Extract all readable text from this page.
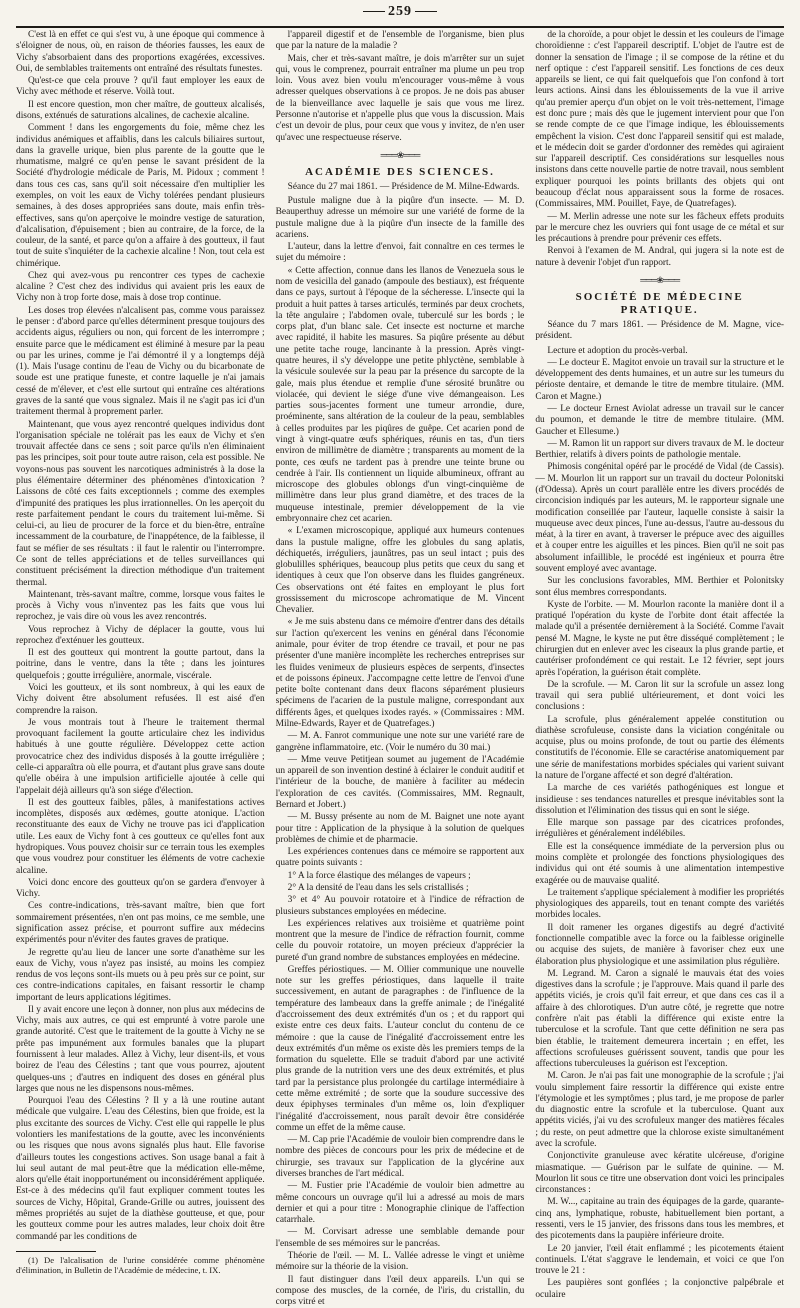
259

C'est là en effet ce qui s'est vu, à une époque qui commence à s'éloigner de nous, où, en raison de théories fausses, les eaux de Vichy s'absorbaient dans des proportions exagérées, excessives. Oui, de semblables traitements ont entraîné des résultats funestes.

Qu'est-ce que cela prouve ? qu'il faut employer les eaux de Vichy avec méthode et réserve. Voilà tout.

Il est encore question, mon cher maître, de goutteux alcalisés, disons, exténués de saturations alcalines, de cachexie alcaline.

Comment ! dans les engorgements du foie, même chez les individus anémiques et affaiblis, dans les calculs biliaires surtout, dans la gravelle urique, bien plus parente de la goutte que le rhumatisme, malgré ce qu'en pense le savant président de la Société d'hydrologie médicale de Paris, M. Pidoux ; comment ! dans tous ces cas, sans qu'il soit nécessaire d'en multiplier les exemples, on voit les eaux de Vichy tolérées pendant plusieurs semaines, à des doses appropriées sans doute, mais enfin très-effectives, sans qu'on aperçoive le moindre vestige de saturation, d'alcalisation, d'épuisement ; bien au contraire, de la force, de la couleur, de la santé, et parce qu'on a affaire à des goutteux, il faut tout de suite s'inquiéter de la cachexie alcaline ! Non, tout cela est chimérique.

Chez qui avez-vous pu rencontrer ces types de cachexie alcaline ? C'est chez des individus qui avaient pris les eaux de Vichy non à trop forte dose, mais à dose trop continue.

Les doses trop élevées n'alcalisent pas, comme vous paraissez le penser : d'abord parce qu'elles déterminent presque toujours des accidents aigus, réguliers ou non, qui forcent de les interrompre ; ensuite parce que le médicament est éliminé à mesure par la peau ou par les urines, comme je l'ai démontré il y a longtemps déjà (1). Mais l'usage continu de l'eau de Vichy ou du bicarbonate de soude est une pratique funeste, et contre laquelle je n'ai jamais cessé de m'élever, et c'est elle surtout qui entraîne ces altérations graves de la santé que vous signalez. Mais il ne s'agit pas ici d'un traitement thermal à proprement parler.

Maintenant, que vous ayez rencontré quelques individus dont l'organisation spéciale ne tolérait pas les eaux de Vichy et s'en trouvait affectée dans ce sens ; soit parce qu'ils n'en éliminaient pas les principes, soit pour toute autre raison, cela est possible. Ne voyons-nous pas souvent les narcotiques administrés à la dose la plus élémentaire déterminer des phénomènes d'intoxication ? Laissons de côté ces faits exceptionnels ; comme des exemples d'impunité des pratiques les plus irrationnelles. On les aperçoit du reste parfaitement pendant le cours du traitement lui-même. Si celui-ci, au lieu de procurer de la force et du bien-être, entraîne incessamment de la courbature, de l'inappétence, de la faiblesse, il faut se méfier de ses résultats : il faut le ralentir ou l'interrompre. Ce sont de telles appréciations et de telles surveillances qui constituent précisément la direction méthodique d'un traitement thermal.

Maintenant, très-savant maître, comme, lorsque vous faites le procès à Vichy vous n'inventez pas les faits que vous lui reprochez, je vais dire où vous les avez rencontrés.

Vous reprochez à Vichy de déplacer la goutte, vous lui reprochez d'exténuer les goutteux.

Il est des goutteux qui montrent la goutte partout, dans la poitrine, dans le ventre, dans la tête ; dans les jointures quelquefois ; goutte irrégulière, anormale, viscérale.

Voici les goutteux, et ils sont nombreux, à qui les eaux de Vichy doivent être absolument refusées. Il est aisé d'en comprendre la raison.

Je vous montrais tout à l'heure le traitement thermal provoquant facilement la goutte articulaire chez les individus habitués à une goutte régulière. Développez cette action provocatrice chez des individus disposés à la goutte irrégulière ; celle-ci apparaîtra où elle pourra, et d'autant plus grave sans doute qu'elle obéira à une impulsion artificielle ajoutée à celle qui l'appelait déjà ailleurs qu'à son siége d'élection.

Il est des goutteux faibles, pâles, à manifestations actives incomplètes, disposés aux œdèmes, goutte atonique. L'action reconstituante des eaux de Vichy ne trouve pas ici d'application utile. Les eaux de Vichy font à ces goutteux ce qu'elles font aux hydropiques. Vous pouvez choisir sur ce terrain tous les exemples que vous voudrez pour constituer les éléments de votre cachexie alcaline.

Voici donc encore des goutteux qu'on se gardera d'envoyer à Vichy.

Ces contre-indications, très-savant maître, bien que fort sommairement présentées, n'en ont pas moins, ce me semble, une signification assez précise, et pourront suffire aux médecins expérimentés pour n'éviter des fautes graves de pratique.

Je regrette qu'au lieu de lancer une sorte d'anathème sur les eaux de Vichy, vous n'ayez pas insisté, au moins les compiez rendus de vos leçons sont-ils muets ou à peu près sur ce point, sur ces contre-indications capitales, en faisant ressortir le champ important de leurs applications légitimes.

Il y avait encore une leçon à donner, non plus aux médecins de Vichy, mais aux autres, ce qui est emprunté à votre parole une grande autorité. C'est que le traitement de la goutte à Vichy ne se prête pas impunément aux formules banales que la plupart fournissent à leur malades. Allez à Vichy, leur disent-ils, et vous boirez de l'eau des Célestins ; tant que vous pourrez, ajoutent quelques-uns ; d'autres en indiquent des doses en général plus larges que nous ne les dispensons nous-mêmes.

Pourquoi l'eau des Célestins ? Il y a là une routine autant médicale que vulgaire. L'eau des Célestins, bien que froide, est la plus excitante des sources de Vichy. C'est elle qui rappelle le plus volontiers les manifestations de la goutte, avec les inconvénients ou les risques que nous avons signalés plus haut. Elle favorise d'ailleurs toutes les congestions actives. Son usage banal a fait à lui seul autant de mal peut-être que la médication elle-même, alors qu'elle était inopportunément ou inconsidérément appliquée. Est-ce à des médecins qu'il faut expliquer comment toutes les sources de Vichy, Hôpital, Grande-Grille ou autres, jouissent des mêmes propriétés au sujet de la diathèse goutteuse, et que, pour les goutteux comme pour les autres malades, leur choix doit être commandé par les conditions de

(1) De l'alcalisation de l'urine considérée comme phénomène d'élimination, in Bulletin de l'Académie de médecine, t. IX.

l'appareil digestif et de l'ensemble de l'organisme, bien plus que par la nature de la maladie ?

Mais, cher et très-savant maître, je dois m'arrêter sur un sujet qui, vous le comprenez, pourrait entraîner ma plume un peu trop loin. Vous avez bien voulu m'encourager vous-même à vous adresser quelques observations à ce propos. Je ne dois pas abuser de la bienveillance avec laquelle je sais que vous me lirez. Personne n'autorise et n'appelle plus que vous la discussion. Mais c'est un devoir de plus, pour ceux que vous y invitez, de n'en user qu'avec une respectueuse réserve.

═══❀═══
ACADÉMIE DES SCIENCES.

Séance du 27 mai 1861. — Présidence de M. Milne-Edwards.

Pustule maligne due à la piqûre d'un insecte. — M. D. Beauperthuy adresse un mémoire sur une variété de forme de la pustule maligne due à la piqûre d'un insecte de la famille des acariens.

L'auteur, dans la lettre d'envoi, fait connaître en ces termes le sujet du mémoire :

« Cette affection, connue dans les llanos de Venezuela sous le nom de vesicilla del ganado (ampoule des bestiaux), est fréquente dans ce pays, surtout à l'époque de la sécheresse. L'insecte qui la produit a huit pattes à tarses articulés, terminés par deux crochets, la tête angulaire ; l'abdomen ovale, tuberculé sur les bords ; le corps plat, d'un blanc sale. Cet insecte est nocturne et marche avec rapidité, il habite les masures. Sa piqûre présente au début une petite tache rouge, lancinante à la pression. Après vingt-quatre heures, il s'y développe une petite phlyctène, semblable à la vésicule soulevée sur la peau par la présence du sarcopte de la gale, mais plus étendue et remplie d'une sérosité brunâtre ou violacée, qui devient le siége d'une vive démangeaison. Les parties sous-jacentes forment une tumeur arrondie, dure, proéminente, sans altération de la couleur de la peau, semblables à celles produites par les piqûres de guêpe. Cet acarien pond de vingt à vingt-quatre œufs sphériques, réunis en tas, d'un tiers environ de millimètre de diamètre ; transparents au moment de la ponte, ces œufs ne tardent pas à prendre une teinte brune ou cendrée à l'air. Ils contiennent un liquide albumineux, offrant au microscope des globules oblongs d'un vingt-cinquième de millimètre dans leur plus grand diamètre, et des traces de la muqueuse intestinale, premier développement de la vie embryonnaire chez cet acarien.

« L'examen microscopique, appliqué aux humeurs contenues dans la pustule maligne, offre les globules du sang aplatis, déchiquetés, irréguliers, jaunâtres, pas un seul intact ; puis des globulilles sphériques, beaucoup plus petits que ceux du sang et identiques à ceux que l'on observe dans les fluides gangréneux. Ces observations ont été faites en employant le plus fort grossissement du microscope achromatique de M. Vincent Chevalier.

« Je me suis abstenu dans ce mémoire d'entrer dans des détails sur l'action qu'exercent les venins en général dans l'économie animale, pour éviter de trop étendre ce travail, et pour ne pas présenter d'une manière incomplète les recherches entreprises sur les fluides venimeux de plusieurs espèces de serpents, d'insectes et de poissons épineux. J'accompagne cette lettre de l'envoi d'une petite boîte contenant dans deux flacons séparément plusieurs spécimens de l'acarien de la pustule maligne, correspondant aux différents âges, et quelques ixodes rayés. » (Commissaires : MM. Milne-Edwards, Rayer et de Quatrefages.)

— M. A. Fanrot communique une note sur une variété rare de gangrène inflammatoire, etc. (Voir le numéro du 30 mai.)

— Mme veuve Petitjean soumet au jugement de l'Académie un appareil de son invention destiné à éclairer le conduit auditif et l'intérieur de la bouche, de manière à faciliter au médecin l'exploration de ces cavités. (Commissaires, MM. Regnault, Bernard et Jobert.)

— M. Bussy présente au nom de M. Baignet une note ayant pour titre : Application de la physique à la solution de quelques problèmes de chimie et de pharmacie.

Les expériences contenues dans ce mémoire se rapportent aux quatre points suivants :

1° A la force élastique des mélanges de vapeurs ;

2° A la densité de l'eau dans les sels cristallisés ;

3° et 4° Au pouvoir rotatoire et à l'indice de réfraction de plusieurs substances employées en médecine.

Les expériences relatives aux troisième et quatrième point montrent que la mesure de l'indice de réfraction fournit, comme celle du pouvoir rotatoire, un moyen précieux d'apprécier la pureté d'un grand nombre de substances employées en médecine.

Greffes périostiques. — M. Ollier communique une nouvelle note sur les greffes périostiques, dans laquelle il traite successivement, en autant de paragraphes : de l'influence de la température des lambeaux dans la greffe animale ; de l'inégalité d'accroissement des deux extrémités d'un os ; et du rapport qui existe entre ces deux faits. L'auteur conclut du contenu de ce mémoire : que la cause de l'inégalité d'accroissement entre les deux extrémités d'un même os existe dès les premiers temps de la formation du squelette. Elle se traduit d'abord par une activité plus grande de la nutrition vers une des deux extrémités, et plus tard par la persistance plus prolongée du cartilage intermédiaire à cette même extrémité ; de sorte que la soudure successive des deux épiphyses terminales d'un même os, loin d'expliquer l'inégalité d'accroissement, nous paraît devoir être considérée comme un effet de la même cause.

— M. Cap prie l'Académie de vouloir bien comprendre dans le nombre des pièces de concours pour les prix de médecine et de chirurgie, ses travaux sur l'application de la glycérine aux diverses branches de l'art médical.

— M. Fustier prie l'Académie de vouloir bien admettre au même concours un ouvrage qu'il lui a adressé au mois de mars dernier et qui a pour titre : Monographie clinique de l'affection catarrhale.

— M. Corvisart adresse une semblable demande pour l'ensemble de ses mémoires sur le pancréas.

Théorie de l'œil. — M. L. Vallée adresse le vingt et unième mémoire sur la théorie de la vision.

Il faut distinguer dans l'œil deux appareils. L'un qui se compose des muscles, de la cornée, de l'iris, du cristallin, du corps vitré et

de la choroïde, a pour objet le dessin et les couleurs de l'image choroïdienne : c'est l'appareil descriptif. L'objet de l'autre est de donner la sensation de l'image ; il se compose de la rétine et du nerf optique : c'est l'appareil sensitif. Les fonctions de ces deux appareils se lient, ce qui fait quelquefois que l'on confond à tort leurs actions. Ainsi dans les éblouissements de la vue il arrive qu'au premier aperçu d'un objet on le voit très-nettement, l'image est donc pure ; mais dès que le jugement intervient pour que l'on se rende compte de ce que l'image indique, les éblouissements empêchent la vision. C'est donc l'appareil sensitif qui est malade, et le médecin doit se garder d'ordonner des remèdes qui agiraient sur l'appareil descriptif. Ces considérations sur lesquelles nous insistons dans cette nouvelle partie de notre travail, nous semblent expliquer pourquoi les points brillants des objets qui ont beaucoup d'éclat nous apparaissent sous la forme de rosaces. (Commissaires, MM. Pouillet, Faye, de Quatrefages).

— M. Merlin adresse une note sur les fâcheux effets produits par le mercure chez les ouvriers qui font usage de ce métal et sur les précautions à prendre pour prévenir ces effets.

Renvoi à l'examen de M. Andral, qui jugera si la note est de nature à devenir l'objet d'un rapport.

═══❀═══
SOCIÉTÉ DE MÉDECINE PRATIQUE.

Séance du 7 mars 1861. — Présidence de M. Magne, vice-président.

Lecture et adoption du procès-verbal.

— Le docteur E. Magitot envoie un travail sur la structure et le développement des dents humaines, et un autre sur les tumeurs du périoste dentaire, et demande le titre de membre titulaire. (MM. Caron et Magne.)

— Le docteur Ernest Aviolat adresse un travail sur le cancer du poumon, et demande le titre de membre titulaire. (MM. Gaucher et Ellesume.)

— M. Ramon lit un rapport sur divers travaux de M. le docteur Berthier, relatifs à divers points de pathologie mentale.

Phimosis congénital opéré par le procédé de Vidal (de Cassis). — M. Mourlon lit un rapport sur un travail du docteur Polonitski (d'Odessa). Après un court parallèle entre les divers procédés de circoncision indiqués par les auteurs, M. le rapporteur signale une modification conseillée par l'auteur, laquelle consiste à saisir la muqueuse avec deux pinces, l'une au-dessus, l'autre au-dessous du méat, à la tirer en avant, à traverser le prépuce avec des aiguilles et à couper entre les aiguilles et les pinces. Bien qu'il ne soit pas absolument infaillible, le procédé est ingénieux et pourra être souvent employé avec avantage.

Sur les conclusions favorables, MM. Berthier et Polonitsky sont élus membres correspondants.

Kyste de l'orbite. — M. Mourlon raconte la manière dont il a pratiqué l'opération du kyste de l'orbite dont était affectée la malade qu'il a présentée dernièrement à la Société. Comme l'avait pensé M. Magne, le kyste ne put être disséqué complètement ; le chirurgien dut en enlever avec les ciseaux la plus grande partie, et cautériser profondément ce qui restait. Le 12 février, sept jours après l'opération, la guérison était complète.

De la scrofule. — M. Caron lit sur la scrofule un assez long travail qui sera publié ultérieurement, et dont voici les conclusions :

La scrofule, plus généralement appelée constitution ou diathèse scrofuleuse, consiste dans la viciation congénitale ou acquise, plus ou moins profonde, de tout ou partie des éléments constitutifs de l'économie. Elle se caractérise anatomiquement par une série de manifestations morbides spéciales qui varient suivant la nature de l'organe affecté et son degré d'altération.

La marche de ces variétés pathogéniques est longue et insidieuse : ses tendances naturelles et presque inévitables sont la dissolution et l'élimination des tissus qui en sont le siége.

Elle marque son passage par des cicatrices profondes, irrégulières et généralement indélébiles.

Elle est la conséquence immédiate de la perversion plus ou moins complète et prolongée des fonctions physiologiques des individus qui ont été soumis à une alimentation intempestive exagérée ou de mauvaise qualité.

Le traitement s'applique spécialement à modifier les propriétés physiologiques des appareils, tout en tenant compte des variétés morbides locales.

Il doit ramener les organes digestifs au degré d'activité fonctionnelle compatible avec la force ou la faiblesse originelle ou acquise des sujets, de manière à favoriser chez eux une élaboration plus physiologique et une assimilation plus régulière.

M. Legrand. M. Caron a signalé le mauvais état des voies digestives dans la scrofule ; je l'approuve. Mais quand il parle des appétits viciés, je crois qu'il fait erreur, et que dans ces cas il a affaire à des chlorotiques. D'un autre côté, je regrette que notre confrère n'ait pas établi la différence qui existe entre la tuberculose et la scrofule. Tant que cette définition ne sera pas bien établie, le traitement demeurera incertain ; en effet, les affections scrofuleuses guérissent souvent, tandis que pour les affections tuberculeuses la guérison est l'exception.

M. Caron. Je n'ai pas fait une monographie de la scrofule ; j'ai voulu simplement faire ressortir la différence qui existe entre l'étymologie et les symptômes ; plus tard, je me propose de parler du diagnostic entre la scrofule et la tuberculose. Quant aux appétits viciés, j'ai vu des scrofuleux manger des matières fécales ; du reste, on peut admettre que la chlorose existe simultanément avec la scrofule.

Conjonctivite granuleuse avec kératite ulcéreuse, d'origine miasmatique. — Guérison par le sulfate de quinine. — M. Mourlon lit sous ce titre une observation dont voici les principales circonstances :

M. W..., capitaine au train des équipages de la garde, quarante-cinq ans, lymphatique, robuste, habituellement bien portant, a ressenti, vers le 15 janvier, des frissons dans tous les membres, et des picotements dans la paupière inférieure droite.

Le 20 janvier, l'œil était enflammé ; les picotements étaient continuels. L'état s'aggrave le lendemain, et voici ce que l'on trouve le 21 :

Les paupières sont gonflées ; la conjonctive palpébrale et oculaire
